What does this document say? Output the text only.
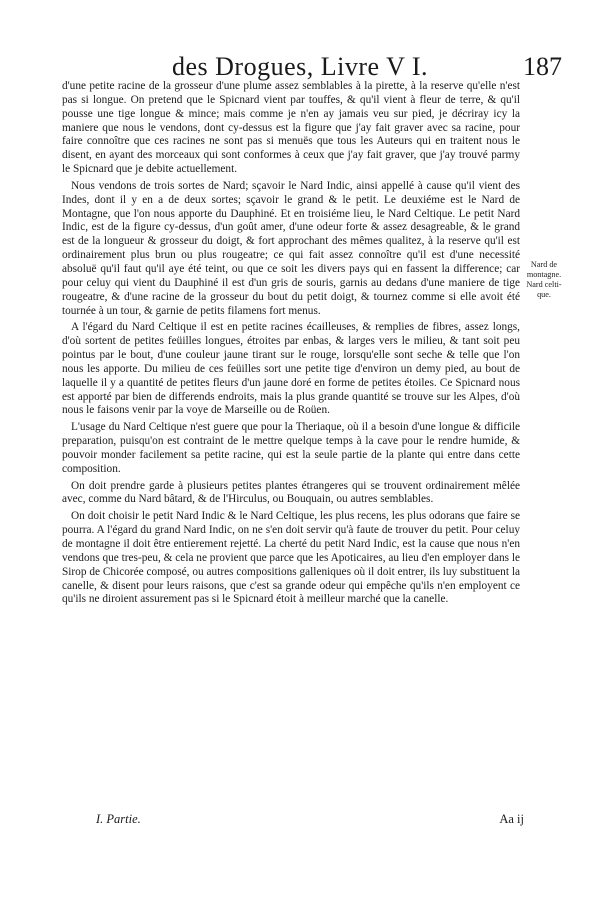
des Drogues, Livre V I.	187

d'une petite racine de la grosseur d'une plume assez semblables à la pirette, à la reserve qu'elle n'est pas si longue. On pretend que le Spicnard vient par touffes, & qu'il vient à fleur de terre, & qu'il pousse une tige longue & mince; mais comme je n'en ay jamais veu sur pied, je décriray icy la maniere que nous le vendons, dont cy-dessus est la figure que j'ay fait graver avec sa racine, pour faire connoître que ces racines ne sont pas si menuës que tous les Auteurs qui en traitent nous le disent, en ayant des morceaux qui sont conformes à ceux que j'ay fait graver, que j'ay trouvé parmy le Spicnard que je debite actuellement.

Nous vendons de trois sortes de Nard; sçavoir le Nard Indic, ainsi appellé à cause qu'il vient des Indes, dont il y en a de deux sortes; sçavoir le grand & le petit. Le deuxiéme est le Nard de Montagne, que l'on nous apporte du Dauphiné. Et en troisiéme lieu, le Nard Celtique. Le petit Nard Indic, est de la figure cy-dessus, d'un goût amer, d'une odeur forte & assez desagreable, & le grand est de la longueur & grosseur du doigt, & fort approchant des mêmes qualitez, à la reserve qu'il est ordinairement plus brun ou plus rougeatre; ce qui fait assez connoître qu'il est d'une necessité absoluë qu'il faut qu'il aye été teint, ou que ce soit les divers pays qui en fassent la difference; car pour celuy qui vient du Dauphiné il est d'un gris de souris, garnis au dedans d'une maniere de tige rougeatre, & d'une racine de la grosseur du bout du petit doigt, & tournez comme si elle avoit été tournée à un tour, & garnie de petits filamens fort menus.

A l'égard du Nard Celtique il est en petite racines écailleuses, & remplies de fibres, assez longs, d'où sortent de petites feüilles longues, étroites par enbas, & larges vers le milieu, & tant soit peu pointus par le bout, d'une couleur jaune tirant sur le rouge, lorsqu'elle sont seche & telle que l'on nous les apporte. Du milieu de ces feüilles sort une petite tige d'environ un demy pied, au bout de laquelle il y a quantité de petites fleurs d'un jaune doré en forme de petites étoiles. Ce Spicnard nous est apporté par bien de differends endroits, mais la plus grande quantité se trouve sur les Alpes, d'où nous le faisons venir par la voye de Marseille ou de Roüen.

L'usage du Nard Celtique n'est guere que pour la Theriaque, où il a besoin d'une longue & difficile preparation, puisqu'on est contraint de le mettre quelque temps à la cave pour le rendre humide, & pouvoir monder facilement sa petite racine, qui est la seule partie de la plante qui entre dans cette composition.

On doit prendre garde à plusieurs petites plantes étrangeres qui se trouvent ordinairement mêlée avec, comme du Nard bâtard, & de l'Hirculus, ou Bouquain, ou autres semblables.

On doit choisir le petit Nard Indic & le Nard Celtique, les plus recens, les plus odorans que faire se pourra. A l'égard du grand Nard Indic, on ne s'en doit servir qu'à faute de trouver du petit. Pour celuy de montagne il doit être entierement rejetté. La cherté du petit Nard Indic, est la cause que nous n'en vendons que tres-peu, & cela ne provient que parce que les Apoticaires, au lieu d'en employer dans le Sirop de Chicorée composé, ou autres compositions galleniques où il doit entrer, ils luy substituent la canelle, & disent pour leurs raisons, que c'est sa grande odeur qui empêche qu'ils n'en employent ce qu'ils ne diroient assurement pas si le Spicnard étoit à meilleur marché que la canelle.

Nard de montagne. Nard celti-que.
I. Partie.	Aa ij
